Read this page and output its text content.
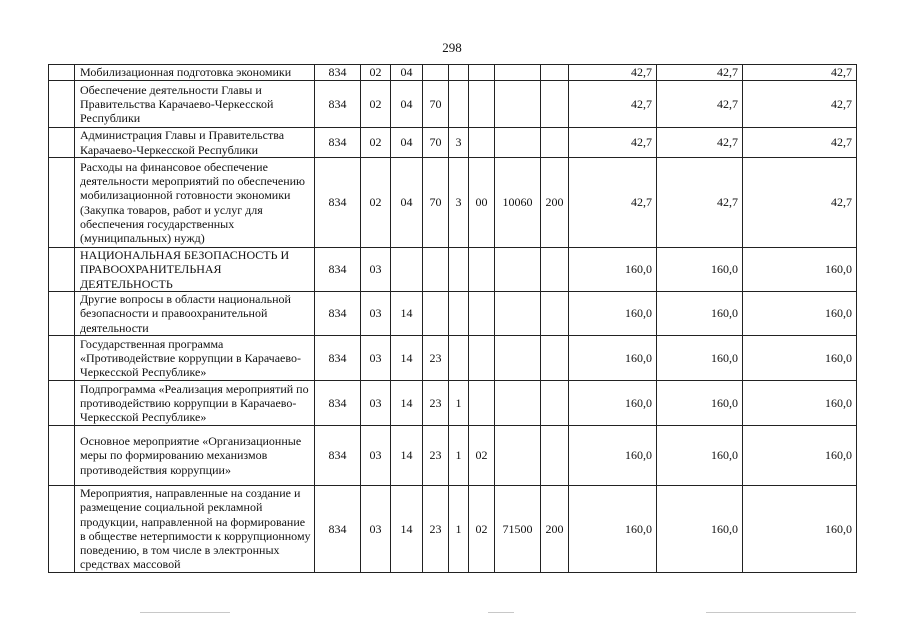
298
	Мобилизационная подготовка экономики	834	02	04						42,7	42,7	42,7
	Обеспечение деятельности Главы и Правительства Карачаево-Черкесской Республики	834	02	04	70					42,7	42,7	42,7
	Администрация Главы и Правительства Карачаево-Черкесской Республики	834	02	04	70	3				42,7	42,7	42,7
	Расходы на финансовое обеспечение деятельности мероприятий по обеспечению мобилизационной готовности экономики (Закупка товаров, работ и услуг для обеспечения государственных (муниципальных) нужд)	834	02	04	70	3	00	10060	200	42,7	42,7	42,7
	НАЦИОНАЛЬНАЯ БЕЗОПАСНОСТЬ И ПРАВООХРАНИТЕЛЬНАЯ ДЕЯТЕЛЬНОСТЬ	834	03							160,0	160,0	160,0
	Другие вопросы в области национальной безопасности и правоохранительной деятельности	834	03	14						160,0	160,0	160,0
	Государственная программа «Противодействие коррупции в Карачаево-Черкесской Республике»	834	03	14	23					160,0	160,0	160,0
	Подпрограмма «Реализация мероприятий по противодействию коррупции в Карачаево-Черкесской Республике»	834	03	14	23	1				160,0	160,0	160,0
	Основное мероприятие «Организационные меры по формированию механизмов противодействия коррупции»	834	03	14	23	1	02			160,0	160,0	160,0
	Мероприятия, направленные на создание и размещение социальной рекламной продукции, направленной на формирование в обществе нетерпимости к коррупционному поведению, в том числе в электронных средствах массовой	834	03	14	23	1	02	71500	200	160,0	160,0	160,0
